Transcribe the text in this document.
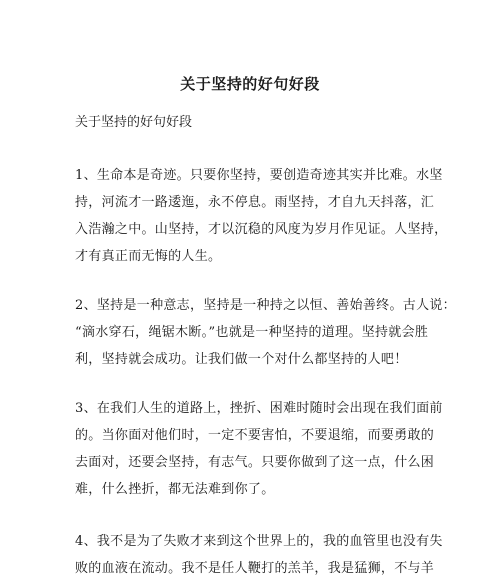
关于坚持的好句好段
关于坚持的好句好段
1、生命本是奇迹。只要你坚持，要创造奇迹其实并比难。水坚
持，河流才一路逶迤，永不停息。雨坚持，才自九天抖落，汇
入浩瀚之中。山坚持，才以沉稳的风度为岁月作见证。人坚持，
才有真正而无悔的人生。
2、坚持是一种意志，坚持是一种持之以恒、善始善终。古人说：
“滴水穿石，绳锯木断。”也就是一种坚持的道理。坚持就会胜
利，坚持就会成功。让我们做一个对什么都坚持的人吧！
3、在我们人生的道路上，挫折、困难时随时会出现在我们面前
的。当你面对他们时，一定不要害怕，不要退缩，而要勇敢的
去面对，还要会坚持，有志气。只要你做到了这一点，什么困
难，什么挫折，都无法难到你了。
4、我不是为了失败才来到这个世界上的，我的血管里也没有失
败的血液在流动。我不是任人鞭打的羔羊，我是猛狮，不与羊
